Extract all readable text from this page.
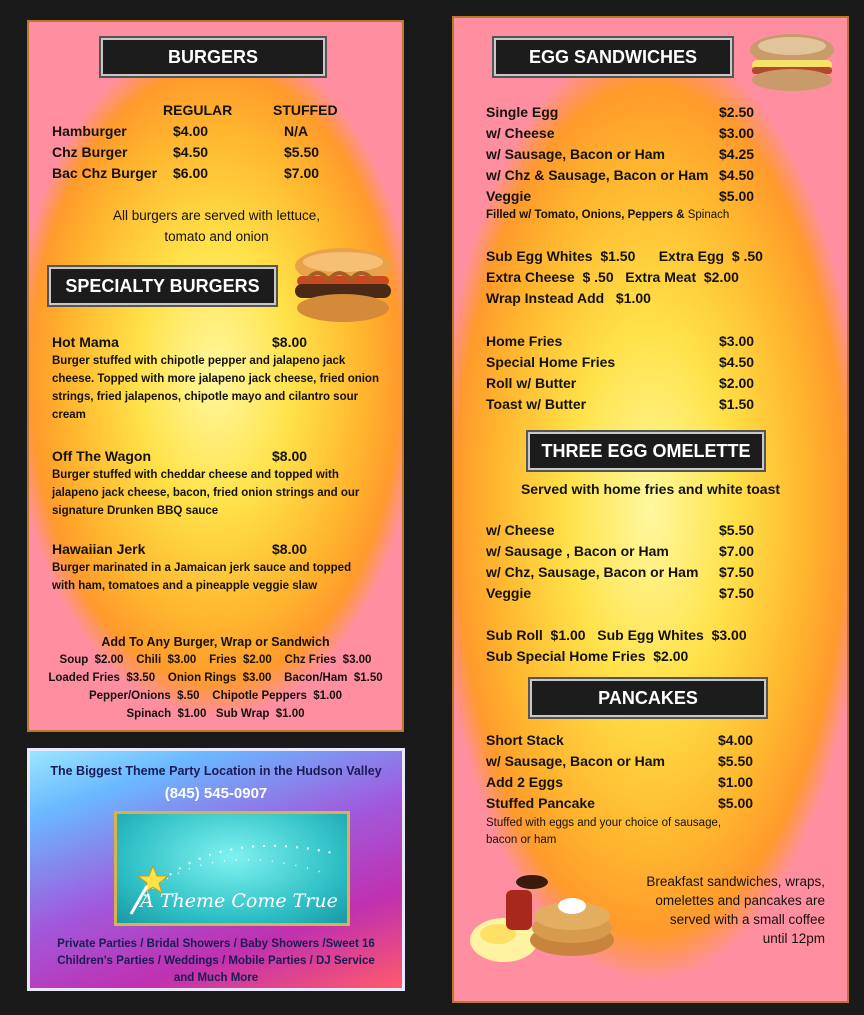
BURGERS
REGULAR	STUFFED
Hamburger	$4.00	N/A
Chz Burger	$4.50	$5.50
Bac Chz Burger $6.00	$7.00
All burgers are served with lettuce,
tomato and onion
SPECIALTY BURGERS
Hot Mama	$8.00
Burger stuffed with chipotle pepper and jalapeno jack cheese. Topped with more jalapeno jack cheese, fried onion strings, fried jalapenos, chipotle mayo and cilantro sour cream
Off The Wagon	$8.00
Burger stuffed with cheddar cheese and topped with jalapeno jack cheese, bacon, fried onion strings and our signature Drunken BBQ sauce
Hawaiian Jerk	$8.00
Burger marinated in a Jamaican jerk sauce and topped with ham, tomatoes and a pineapple veggie slaw
Add To Any Burger, Wrap or Sandwich
Soup  $2.00    Chili  $3.00    Fries  $2.00    Chz Fries  $3.00
Loaded Fries  $3.50    Onion Rings  $3.00    Bacon/Ham  $1.50
Pepper/Onions  $.50    Chipotle Peppers  $1.00
Spinach  $1.00   Sub Wrap  $1.00
The Biggest Theme Party Location in the Hudson Valley
(845) 545-0907
A Theme Come True
Private Parties / Bridal Showers / Baby Showers /Sweet 16
Children's Parties / Weddings / Mobile Parties / DJ Service
and Much More
EGG SANDWICHES
Single Egg	$2.50
w/ Cheese	$3.00
w/ Sausage, Bacon or Ham	$4.25
w/ Chz & Sausage, Bacon or Ham $4.50
Veggie	$5.00
Filled w/ Tomato, Onions, Peppers & Spinach
Sub Egg Whites  $1.50      Extra Egg  $ .50
Extra Cheese  $ .50   Extra Meat  $2.00
Wrap Instead Add   $1.00
Home Fries	$3.00
Special Home Fries	$4.50
Roll w/ Butter	$2.00
Toast w/ Butter	$1.50
THREE EGG OMELETTE
Served with home fries and white toast
w/ Cheese	$5.50
w/ Sausage , Bacon or Ham	$7.00
w/ Chz, Sausage, Bacon or Ham $7.50
Veggie	$7.50
Sub Roll  $1.00   Sub Egg Whites  $3.00
Sub Special Home Fries  $2.00
PANCAKES
Short Stack	$4.00
w/ Sausage, Bacon or Ham	$5.50
Add 2 Eggs	$1.00
Stuffed Pancake	$5.00
Stuffed with eggs and your choice of sausage,
bacon or ham
Breakfast sandwiches, wraps,
omelettes and pancakes are
served with a small coffee
until 12pm
